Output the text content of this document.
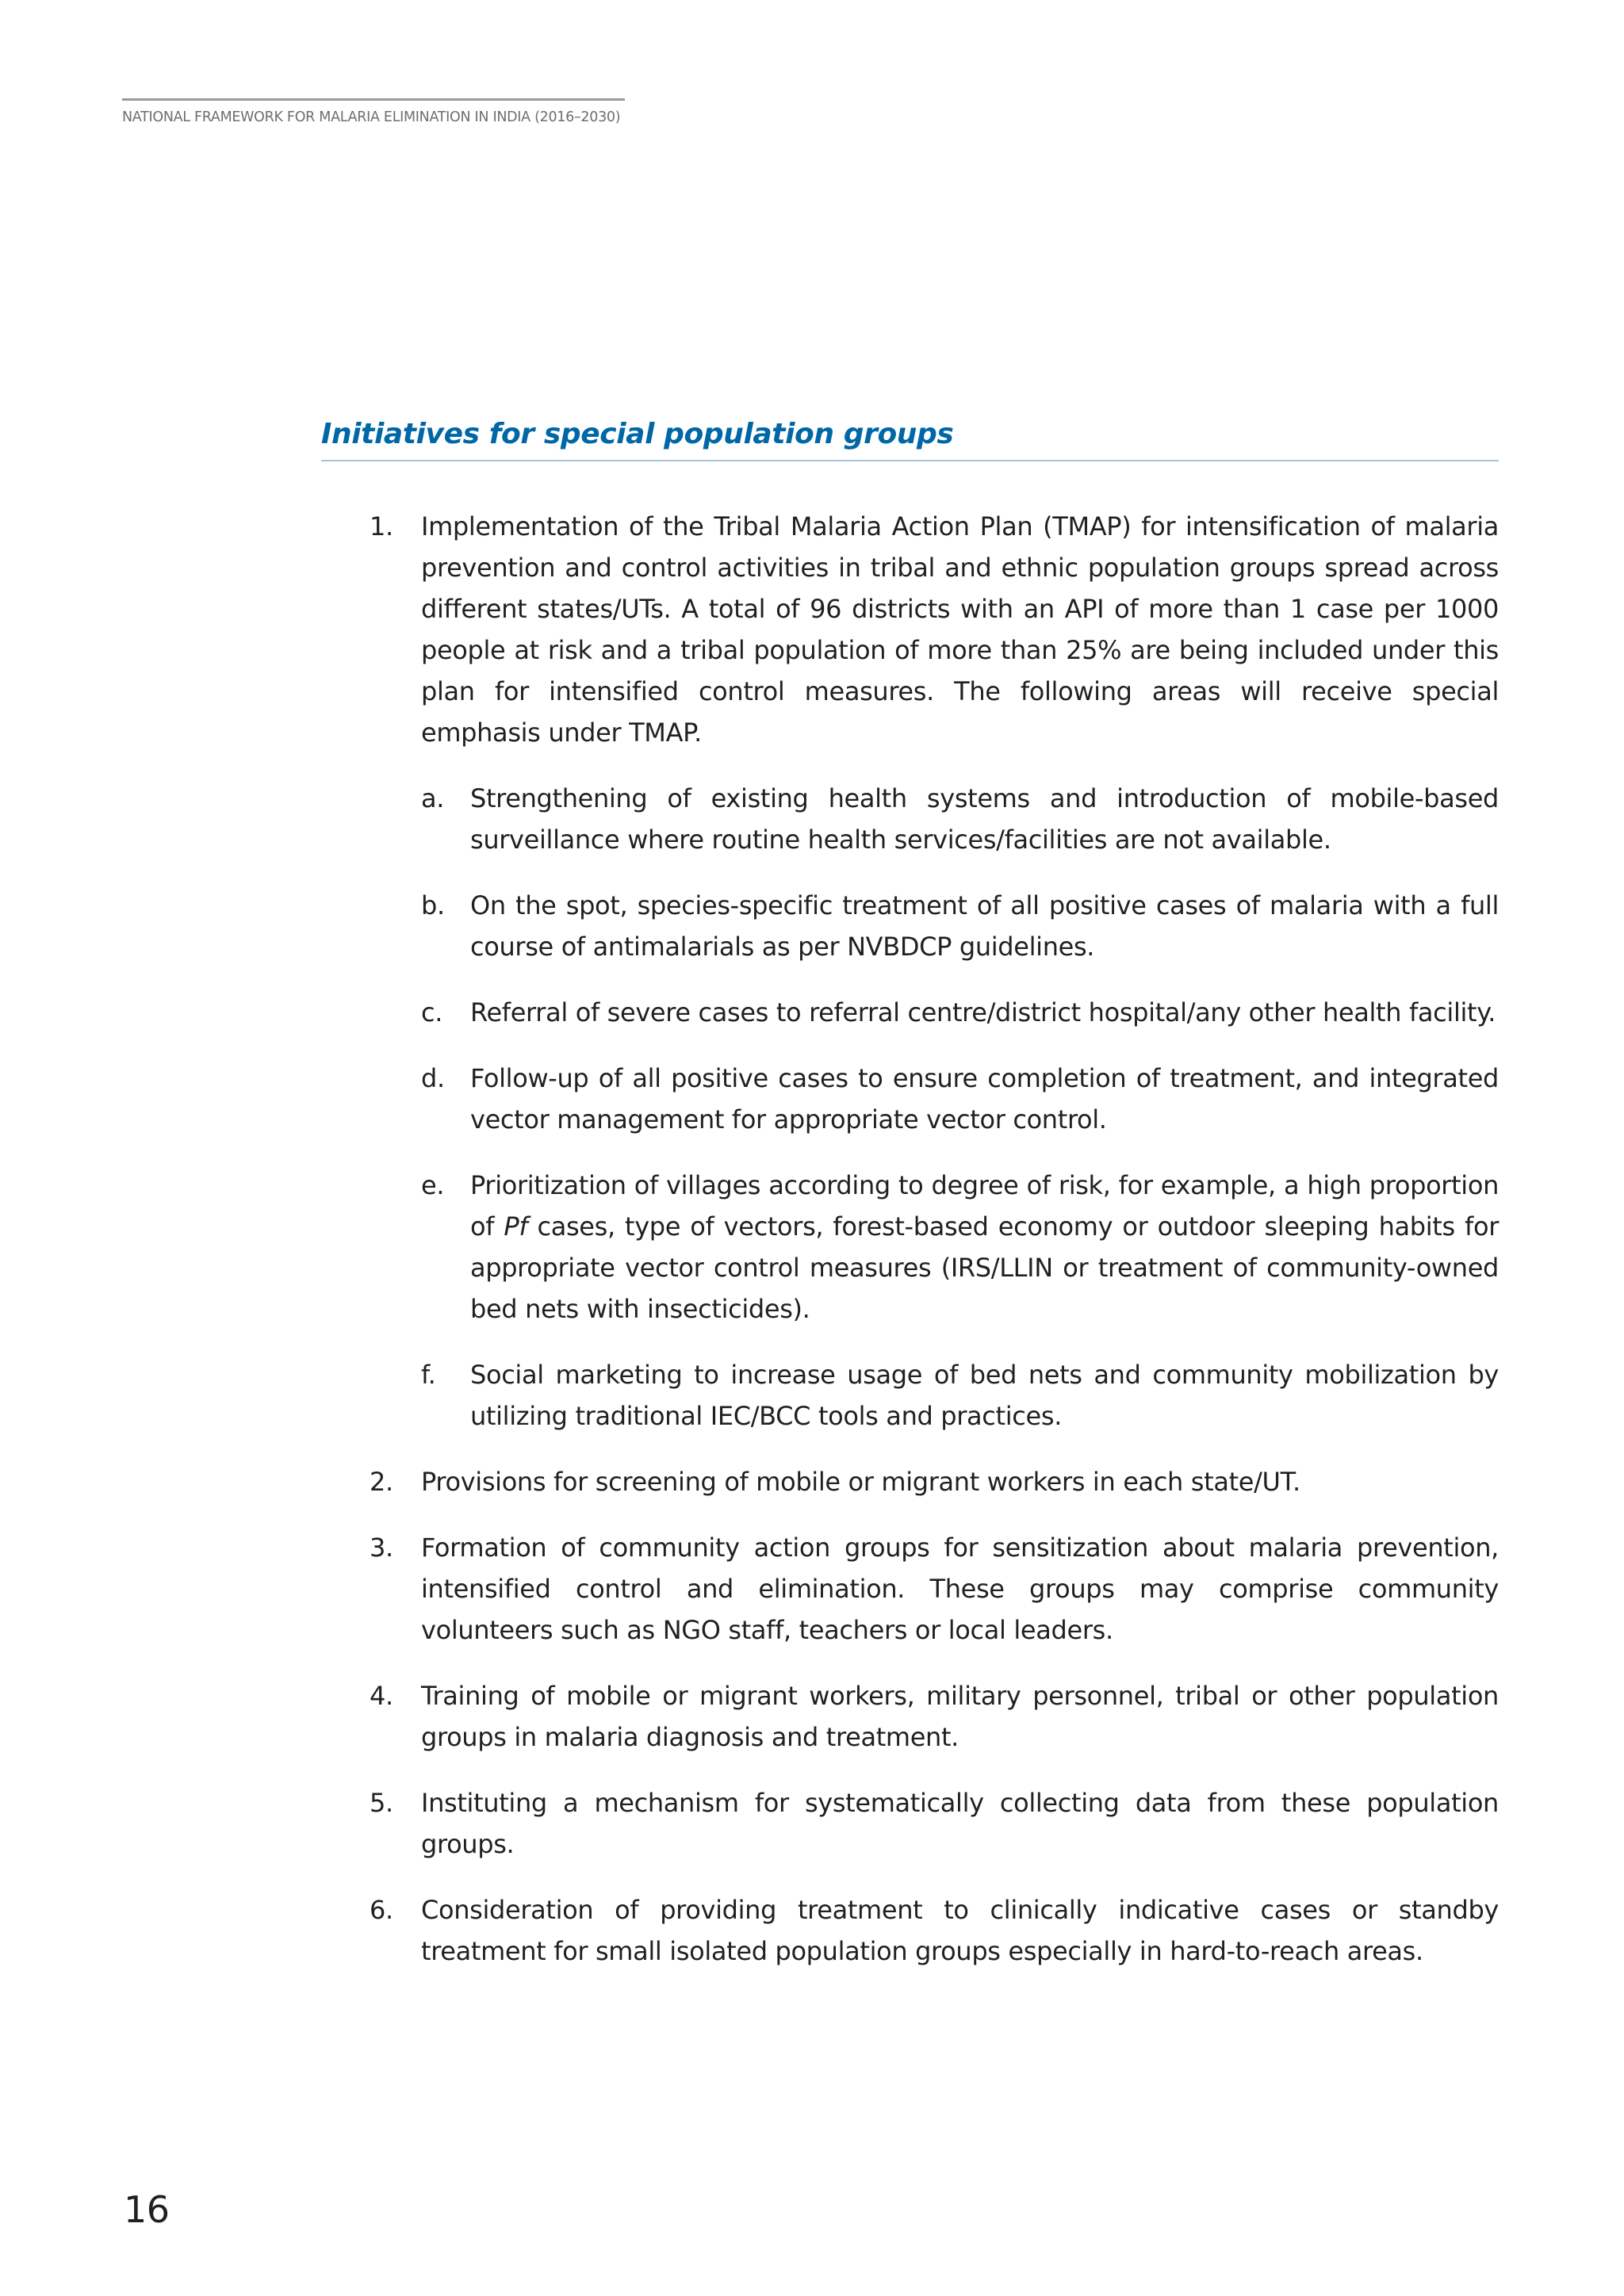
NATIONAL FRAMEWORK FOR MALARIA ELIMINATION IN INDIA (2016–2030)
Initiatives for special population groups
1. Implementation of the Tribal Malaria Action Plan (TMAP) for intensification of malaria prevention and control activities in tribal and ethnic population groups spread across different states/UTs. A total of 96 districts with an API of more than 1 case per 1000 people at risk and a tribal population of more than 25% are being included under this plan for intensified control measures. The following areas will receive special emphasis under TMAP.
a. Strengthening of existing health systems and introduction of mobile-based surveillance where routine health services/facilities are not available.
b. On the spot, species-specific treatment of all positive cases of malaria with a full course of antimalarials as per NVBDCP guidelines.
c. Referral of severe cases to referral centre/district hospital/any other health facility.
d. Follow-up of all positive cases to ensure completion of treatment, and integrated vector management for appropriate vector control.
e. Prioritization of villages according to degree of risk, for example, a high proportion of Pf cases, type of vectors, forest-based economy or outdoor sleeping habits for appropriate vector control measures (IRS/LLIN or treatment of community-owned bed nets with insecticides).
f. Social marketing to increase usage of bed nets and community mobilization by utilizing traditional IEC/BCC tools and practices.
2. Provisions for screening of mobile or migrant workers in each state/UT.
3. Formation of community action groups for sensitization about malaria prevention, intensified control and elimination. These groups may comprise community volunteers such as NGO staff, teachers or local leaders.
4. Training of mobile or migrant workers, military personnel, tribal or other population groups in malaria diagnosis and treatment.
5. Instituting a mechanism for systematically collecting data from these population groups.
6. Consideration of providing treatment to clinically indicative cases or standby treatment for small isolated population groups especially in hard-to-reach areas.
16
